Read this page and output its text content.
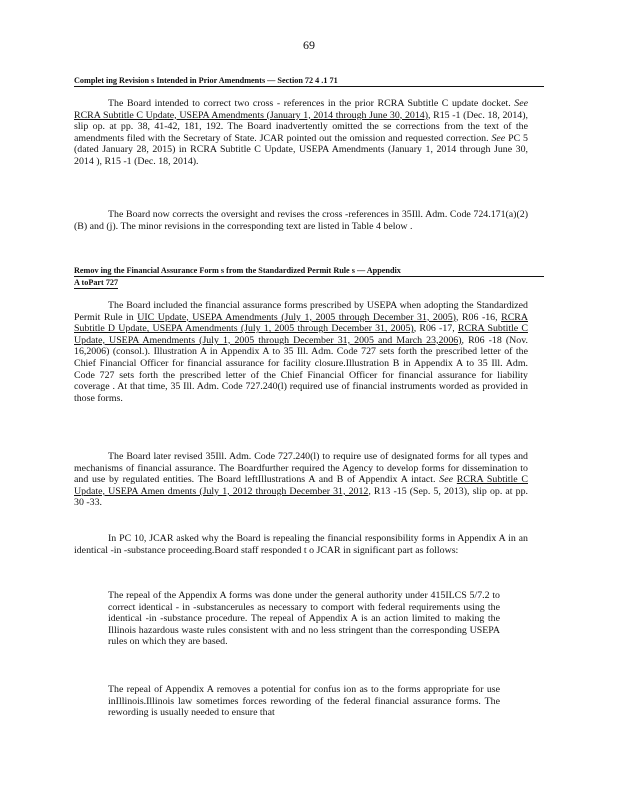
69
Complet ing Revision s Intended in Prior Amendments — Section 72 4 .1 71

The Board intended to correct two cross - references in the prior RCRA Subtitle C update docket. See RCRA Subtitle C Update, USEPA Amendments (January 1, 2014 through June 30, 2014), R15 -1 (Dec. 18, 2014), slip op. at pp. 38, 41-42, 181, 192. The Board inadvertently omitted the se corrections from the text of the amendments filed with the Secretary of State. JCAR pointed out the omission and requested correction. See PC 5 (dated January 28, 2015) in RCRA Subtitle C Update, USEPA Amendments (January 1, 2014 through June 30, 2014 ), R15 -1 (Dec. 18, 2014).

The Board now corrects the oversight and revises the cross -references in 35Ill. Adm. Code 724.171(a)(2)(B) and (j). The minor revisions in the corresponding text are listed in Table 4 below .

Remov ing the Financial Assurance Form s from the Standardized Permit Rule s — Appendix
A toPart 727

The Board included the financial assurance forms prescribed by USEPA when adopting the Standardized Permit Rule in UIC Update, USEPA Amendments (July 1, 2005 through December 31, 2005), R06 -16, RCRA Subtitle D Update, USEPA Amendments (July 1, 2005 through December 31, 2005), R06 -17, RCRA Subtitle C Update, USEPA Amendments (July 1, 2005 through December 31, 2005 and March 23,2006), R06 -18 (Nov. 16,2006) (consol.). Illustration A in Appendix A to 35 Ill. Adm. Code 727 sets forth the prescribed letter of the Chief Financial Officer for financial assurance for facility closure.Illustration B in Appendix A to 35 Ill. Adm. Code 727 sets forth the prescribed letter of the Chief Financial Officer for financial assurance for liability coverage . At that time, 35 Ill. Adm. Code 727.240(l) required use of financial instruments worded as provided in those forms.

The Board later revised 35Ill. Adm. Code 727.240(l) to require use of designated forms for all types and mechanisms of financial assurance. The Boardfurther required the Agency to develop forms for dissemination to and use by regulated entities. The Board leftIllustrations A and B of Appendix A intact. See RCRA Subtitle C Update, USEPA Amen dments (July 1, 2012 through December 31, 2012, R13 -15 (Sep. 5, 2013), slip op. at pp. 30 -33.

In PC 10, JCAR asked why the Board is repealing the financial responsibility forms in Appendix A in an identical -in -substance proceeding.Board staff responded t o JCAR in significant part as follows:

The repeal of the Appendix A forms was done under the general authority under 415ILCS 5/7.2 to correct identical - in -substancerules as necessary to comport with federal requirements using the identical -in -substance procedure. The repeal of Appendix A is an action limited to making the Illinois hazardous waste rules consistent with and no less stringent than the corresponding USEPA rules on which they are based.

The repeal of Appendix A removes a potential for confus ion as to the forms appropriate for use inIllinois.Illinois law sometimes forces rewording of the federal financial assurance forms. The rewording is usually needed to ensure that
